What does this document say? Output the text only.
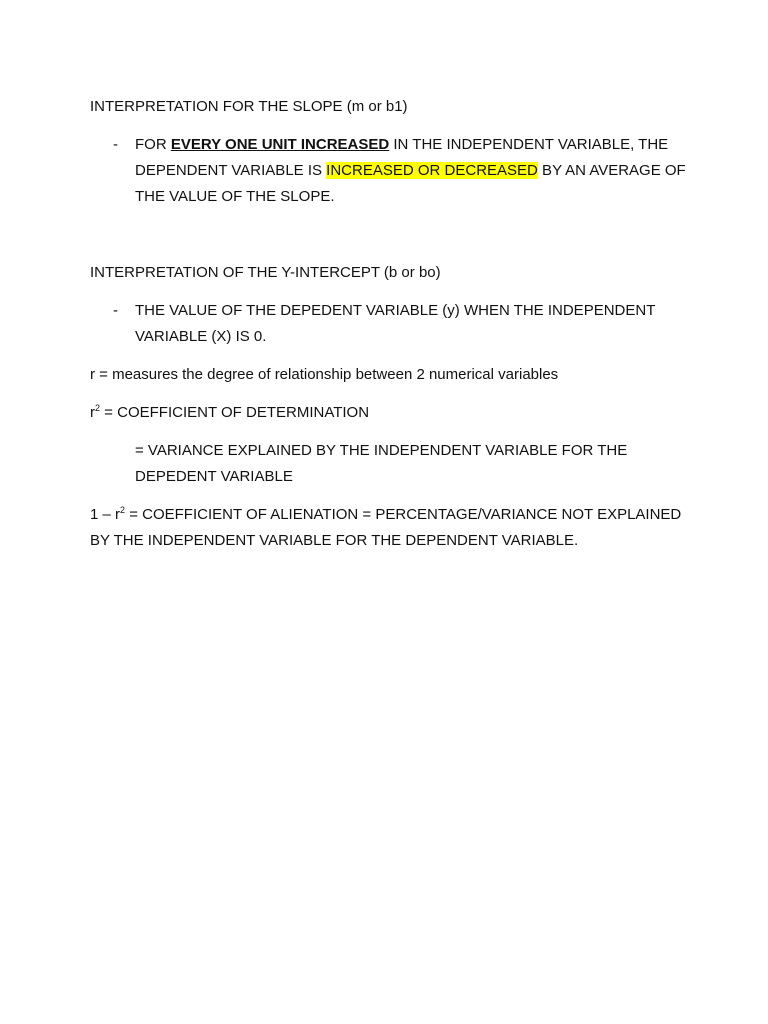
INTERPRETATION FOR THE SLOPE (m or b1)

- FOR EVERY ONE UNIT INCREASED IN THE INDEPENDENT VARIABLE, THE DEPENDENT VARIABLE IS INCREASED OR DECREASED BY AN AVERAGE OF THE VALUE OF THE SLOPE.

INTERPRETATION OF THE Y-INTERCEPT (b or bo)

- THE VALUE OF THE DEPEDENT VARIABLE (y) WHEN THE INDEPENDENT VARIABLE (X) IS 0.

r = measures the degree of relationship between 2 numerical variables

$r^2$ = COEFFICIENT OF DETERMINATION

= VARIANCE EXPLAINED BY THE INDEPENDENT VARIABLE FOR THE DEPEDENT VARIABLE

$1 - r^2$ = COEFFICIENT OF ALIENATION = PERCENTAGE/VARIANCE NOT EXPLAINED BY THE INDEPENDENT VARIABLE FOR THE DEPENDENT VARIABLE.
